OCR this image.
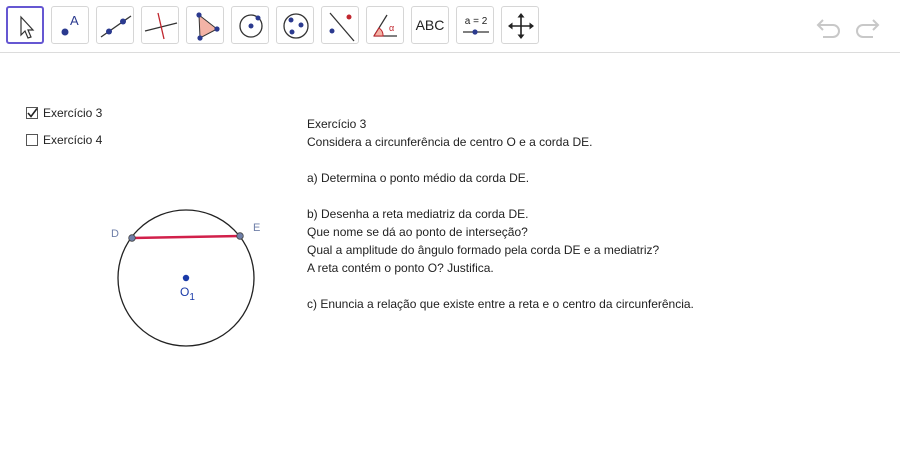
A	α ABC	a = 2
Exercício 3
Exercício 4
Exercício 3
Considera a circunferência de centro O e a corda DE.
a) Determina o ponto médio da corda DE.
b) Desenha a reta mediatriz da corda DE.
Que nome se dá ao ponto de interseção?
Qual a amplitude do ângulo formado pela corda DE e a mediatriz?
A reta contém o ponto O? Justifica.
c) Enuncia a relação que existe entre a reta e o centro da circunferência.
D	E
$O_1$
